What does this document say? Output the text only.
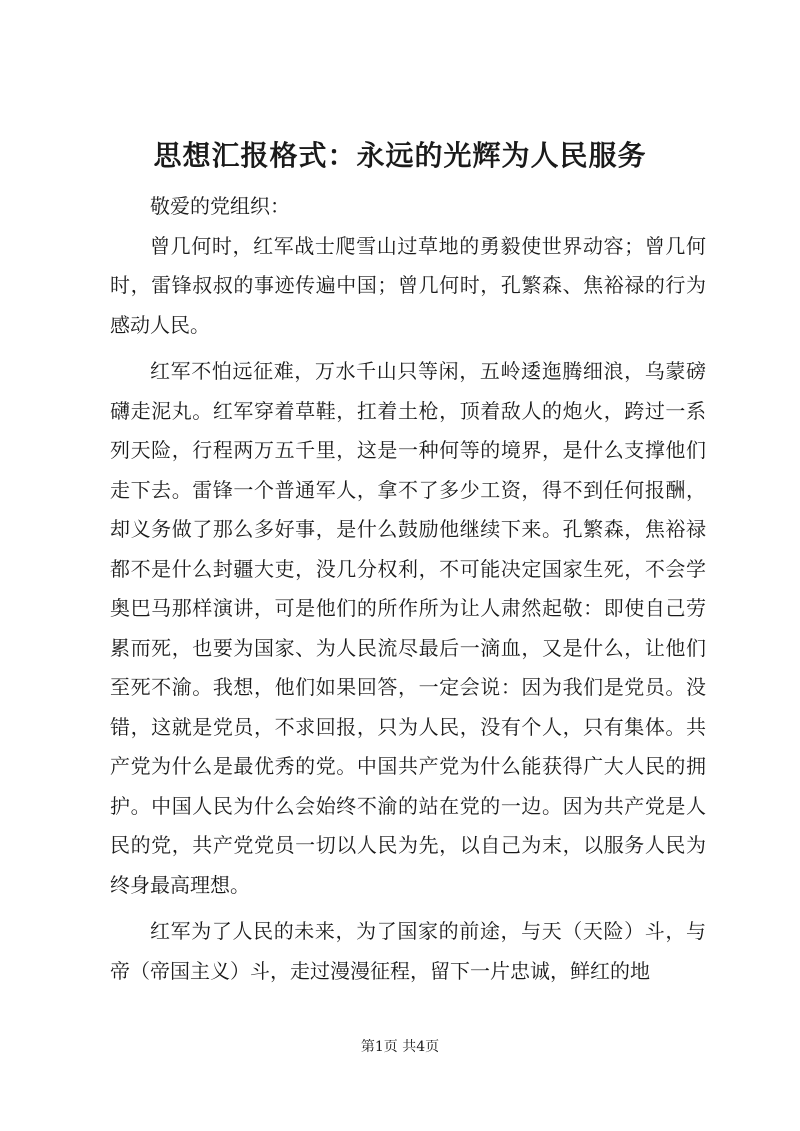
思想汇报格式：永远的光辉为人民服务

敬爱的党组织：

曾几何时，红军战士爬雪山过草地的勇毅使世界动容；曾几何时，雷锋叔叔的事迹传遍中国；曾几何时，孔繁森、焦裕禄的行为感动人民。

红军不怕远征难，万水千山只等闲，五岭逶迤腾细浪，乌蒙磅礴走泥丸。红军穿着草鞋，扛着土枪，顶着敌人的炮火，跨过一系列天险，行程两万五千里，这是一种何等的境界，是什么支撑他们走下去。雷锋一个普通军人，拿不了多少工资，得不到任何报酬，却义务做了那么多好事，是什么鼓励他继续下来。孔繁森，焦裕禄都不是什么封疆大吏，没几分权利，不可能决定国家生死，不会学奥巴马那样演讲，可是他们的所作所为让人肃然起敬：即使自己劳累而死，也要为国家、为人民流尽最后一滴血，又是什么，让他们至死不渝。我想，他们如果回答，一定会说：因为我们是党员。没错，这就是党员，不求回报，只为人民，没有个人，只有集体。共产党为什么是最优秀的党。中国共产党为什么能获得广大人民的拥护。中国人民为什么会始终不渝的站在党的一边。因为共产党是人民的党，共产党党员一切以人民为先，以自己为末，以服务人民为终身最高理想。

红军为了人民的未来，为了国家的前途，与天（天险）斗，与帝（帝国主义）斗，走过漫漫征程，留下一片忠诚，鲜红的地

第1页 共4页
